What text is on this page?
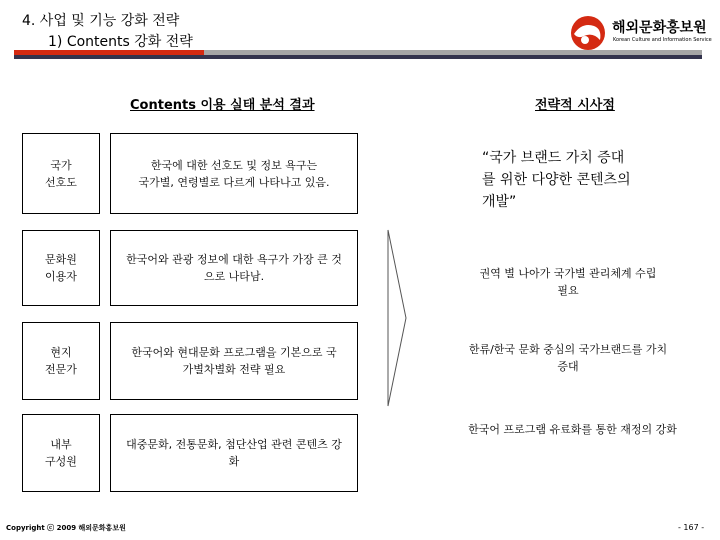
4. 사업 및 기능 강화 전략
1) Contents 강화 전략
해외문화홍보원
Korean Culture and Information Service
Contents 이용 실태 분석 결과	전략적 시사점
국가
선호도
문화원
이용자
현지
전문가
내부
구성원
한국에 대한 선호도 및 정보 욕구는
국가별, 연령별로 다르게 나타나고 있음.
한국어와 관광 정보에 대한 욕구가 가장 큰 것
으로 나타남.
한국어와 현대문화 프로그램을 기본으로 국
가별차별화 전략 필요
대중문화, 전통문화, 첨단산업 관련 콘텐츠 강
화
“국가 브랜드 가치 증대
를 위한 다양한 콘텐츠의
개발”
권역 별 나아가 국가별 관리체계 수립
필요
한류/한국 문화 중심의 국가브랜드를 가치
증대
한국어 프로그램 유료화를 통한 재정의 강화
Copyright ⓒ 2009 해외문화홍보원	- 167 -
